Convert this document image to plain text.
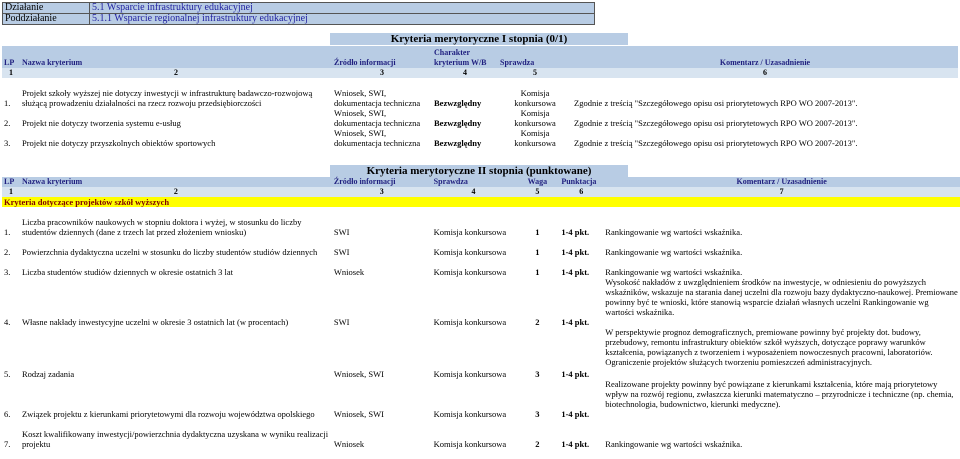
Działanie	5.1 Wsparcie infrastruktury edukacyjnej
Poddziałanie	5.1.1 Wsparcie regionalnej infrastruktury edukacyjnej
Kryteria merytoryczne I stopnia (0/1)
LP	Nazwa kryterium	Źródło informacji	Charakter kryterium W/B	Sprawdza	Komentarz / Uzasadnienie
1	2	3	4	5	6
1.	Projekt szkoły wyższej nie dotyczy inwestycji w infrastrukturę badawczo-rozwojową służącą prowadzeniu działalności na rzecz rozwoju przedsiębiorczości	Wniosek, SWI, dokumentacja techniczna	Bezwzględny	Komisja konkursowa	Zgodnie z treścią "Szczegółowego opisu osi priorytetowych RPO WO 2007-2013".
2.	Projekt nie dotyczy tworzenia systemu e-usług	Wniosek, SWI, dokumentacja techniczna	Bezwzględny	Komisja konkursowa	Zgodnie z treścią "Szczegółowego opisu osi priorytetowych RPO WO 2007-2013".
3.	Projekt nie dotyczy przyszkolnych obiektów sportowych	Wniosek, SWI, dokumentacja techniczna	Bezwzględny	Komisja konkursowa	Zgodnie z treścią "Szczegółowego opisu osi priorytetowych RPO WO 2007-2013".
Kryteria merytoryczne II stopnia (punktowane)
LP	Nazwa kryterium	Źródło informacji	Sprawdza	Waga	Punktacja	Komentarz / Uzasadnienie
1	2	3	4	5	6	7
Kryteria dotyczące projektów szkół wyższych						
1.	Liczba pracowników naukowych w stopniu doktora i wyżej, w stosunku do liczby studentów dziennych (dane z trzech lat przed złożeniem wniosku)	SWI	Komisja konkursowa	1	1-4 pkt.	Rankingowanie wg wartości wskaźnika.
2.	Powierzchnia dydaktyczna uczelni w stosunku do liczby studentów studiów dziennych	SWI	Komisja konkursowa	1	1-4 pkt.	Rankingowanie wg wartości wskaźnika.
3.	Liczba studentów studiów dziennych w okresie ostatnich 3 lat	Wniosek	Komisja konkursowa	1	1-4 pkt.	Rankingowanie wg wartości wskaźnika.
4.	Własne nakłady inwestycyjne uczelni w okresie 3 ostatnich lat (w procentach)	SWI	Komisja konkursowa	2	1-4 pkt.	Wysokość nakładów z uwzględnieniem środków na inwestycje, w odniesieniu do powyższych wskaźników, wskazuje na starania danej uczelni dla rozwoju bazy dydaktyczno-naukowej. Premiowane powinny być te wnioski, które stanowią wsparcie działań własnych uczelni Rankingowanie wg wartości wskaźnika.
5.	Rodzaj zadania	Wniosek, SWI	Komisja konkursowa	3	1-4 pkt.	W perspektywie prognoz demograficznych, premiowane powinny być projekty dot. budowy, przebudowy, remontu infrastruktury obiektów szkół wyższych, dotyczące poprawy warunków kształcenia, powiązanych z tworzeniem i wyposażeniem nowoczesnych pracowni, laboratoriów. Ograniczenie projektów służących tworzeniu pomieszczeń administracyjnych.
6.	Związek projektu z kierunkami priorytetowymi dla rozwoju województwa opolskiego	Wniosek, SWI	Komisja konkursowa	3	1-4 pkt.	Realizowane projekty powinny być powiązane z kierunkami kształcenia, które mają priorytetowy wpływ na rozwój regionu, zwłaszcza kierunki matematyczno – przyrodnicze i techniczne (np. chemia, biotechnologia, budownictwo, kierunki medyczne).
7.	Koszt kwalifikowany inwestycji/powierzchnia dydaktyczna uzyskana w wyniku realizacji projektu	Wniosek	Komisja konkursowa	2	1-4 pkt.	Rankingowanie wg wartości wskaźnika.
